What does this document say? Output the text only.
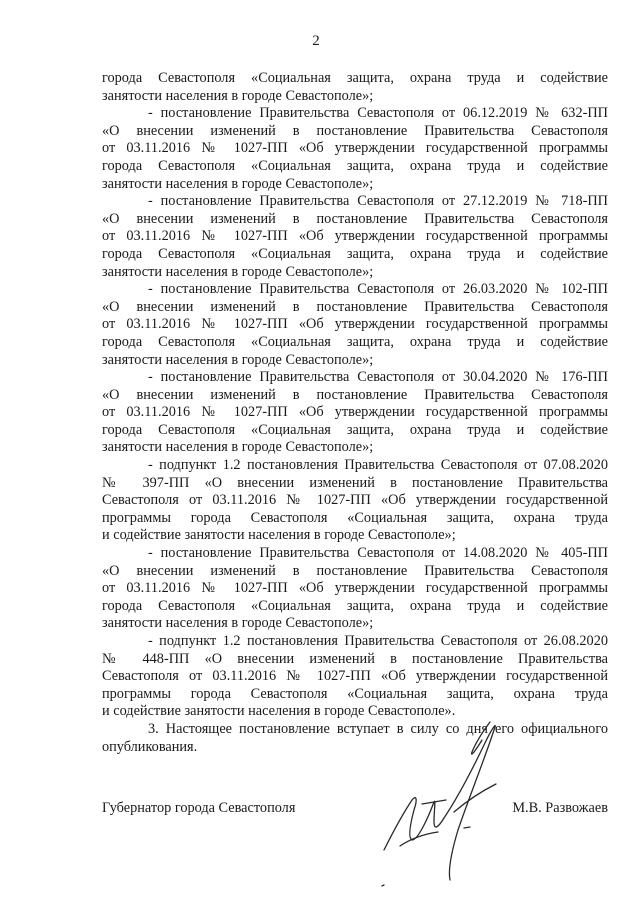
2

города Севастополя «Социальная защита, охрана труда и содействие
занятости населения в городе Севастополе»;

- постановление Правительства Севастополя от 06.12.2019 № 632-ПП
«О внесении изменений в постановление Правительства Севастополя
от 03.11.2016 № 1027-ПП «Об утверждении государственной программы
города Севастополя «Социальная защита, охрана труда и содействие
занятости населения в городе Севастополе»;

- постановление Правительства Севастополя от 27.12.2019 № 718-ПП
«О внесении изменений в постановление Правительства Севастополя
от 03.11.2016 № 1027-ПП «Об утверждении государственной программы
города Севастополя «Социальная защита, охрана труда и содействие
занятости населения в городе Севастополе»;

- постановление Правительства Севастополя от 26.03.2020 № 102-ПП
«О внесении изменений в постановление Правительства Севастополя
от 03.11.2016 № 1027-ПП «Об утверждении государственной программы
города Севастополя «Социальная защита, охрана труда и содействие
занятости населения в городе Севастополе»;

- постановление Правительства Севастополя от 30.04.2020 № 176-ПП
«О внесении изменений в постановление Правительства Севастополя
от 03.11.2016 № 1027-ПП «Об утверждении государственной программы
города Севастополя «Социальная защита, охрана труда и содействие
занятости населения в городе Севастополе»;

- подпункт 1.2 постановления Правительства Севастополя от 07.08.2020
№ 397-ПП «О внесении изменений в постановление Правительства
Севастополя от 03.11.2016 № 1027-ПП «Об утверждении государственной
программы города Севастополя «Социальная защита, охрана труда
и содействие занятости населения в городе Севастополе»;

- постановление Правительства Севастополя от 14.08.2020 № 405-ПП
«О внесении изменений в постановление Правительства Севастополя
от 03.11.2016 № 1027-ПП «Об утверждении государственной программы
города Севастополя «Социальная защита, охрана труда и содействие
занятости населения в городе Севастополе»;

- подпункт 1.2 постановления Правительства Севастополя от 26.08.2020
№ 448-ПП «О внесении изменений в постановление Правительства
Севастополя от 03.11.2016 № 1027-ПП «Об утверждении государственной
программы города Севастополя «Социальная защита, охрана труда
и содействие занятости населения в городе Севастополе».

3. Настоящее постановление вступает в силу со дня его официального
опубликования.

Губернатор города Севастополя	М.В. Развожаев
